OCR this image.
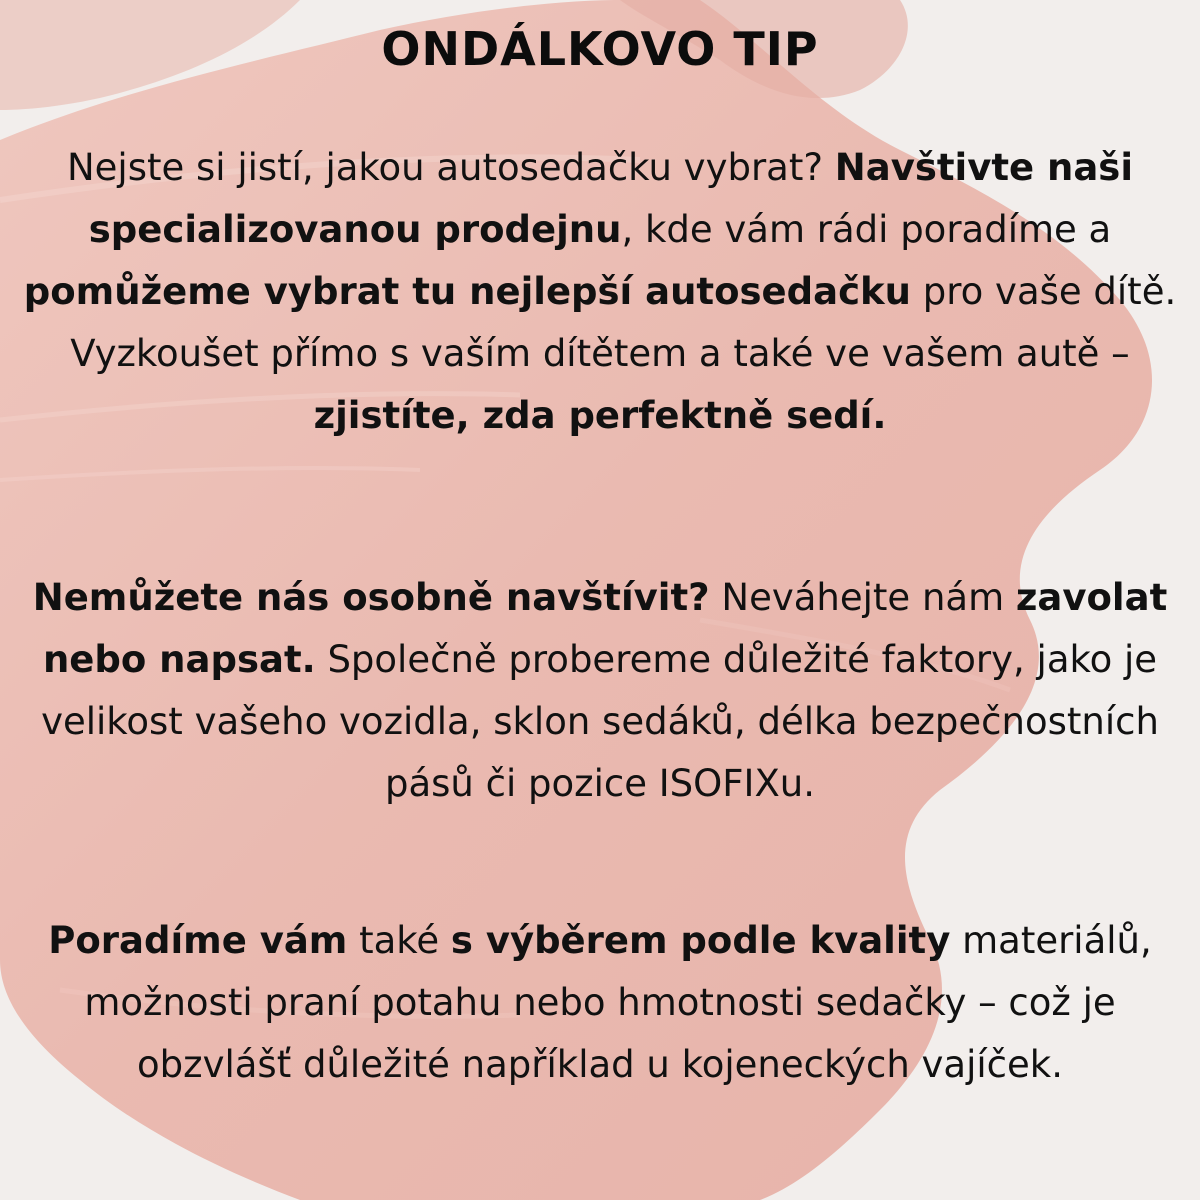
ONDÁLKOVO TIP

Nejste si jistí, jakou autosedačku vybrat? Navštivte naši specializovanou prodejnu, kde vám rádi poradíme a pomůžeme vybrat tu nejlepší autosedačku pro vaše dítě. Vyzkoušet přímo s vaším dítětem a také ve vašem autě – zjistíte, zda perfektně sedí.

Nemůžete nás osobně navštívit? Neváhejte nám zavolat nebo napsat. Společně probereme důležité faktory, jako je velikost vašeho vozidla, sklon sedáků, délka bezpečnostních pásů či pozice ISOFIXu.

Poradíme vám také s výběrem podle kvality materiálů, možnosti praní potahu nebo hmotnosti sedačky – což je obzvlášť důležité například u kojeneckých vajíček.
